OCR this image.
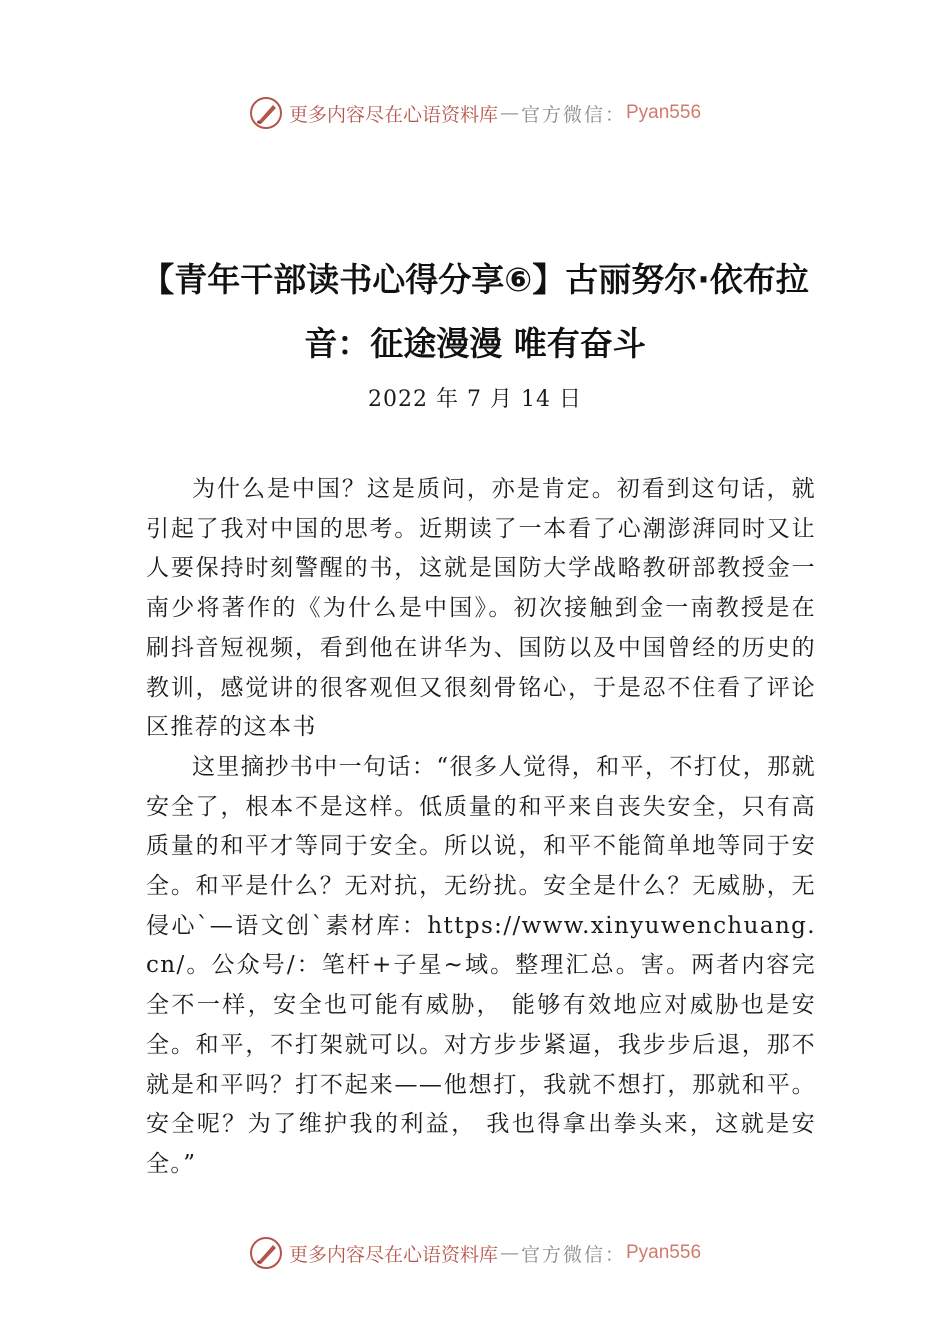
更多内容尽在心语资料库 — 官方微信： Pyan556
【青年干部读书心得分享⑥】古丽努尔·依布拉音：征途漫漫 唯有奋斗
2022 年 7 月 14 日

为什么是中国？这是质问，亦是肯定。初看到这句话，就引起了我对中国的思考。近期读了一本看了心潮澎湃同时又让人要保持时刻警醒的书，这就是国防大学战略教研部教授金一南少将著作的《为什么是中国》。初次接触到金一南教授是在刷抖音短视频，看到他在讲华为、国防以及中国曾经的历史的教训，感觉讲的很客观但又很刻骨铭心，于是忍不住看了评论区推荐的这本书

这里摘抄书中一句话：“很多人觉得，和平，不打仗，那就安全了，根本不是这样。低质量的和平来自丧失安全，只有高质量的和平才等同于安全。所以说，和平不能简单地等同于安全。和平是什么？无对抗，无纷扰。安全是什么？无威胁，无侵心`—语文创`素材库：https://www.xinyuwenchuang.cn/。公众号/：笔杆+子星~域。整理汇总。害。两者内容完全不一样，安全也可能有威胁， 能够有效地应对威胁也是安全。和平，不打架就可以。对方步步紧逼，我步步后退，那不就是和平吗？打不起来——他想打，我就不想打，那就和平。安全呢？为了维护我的利益， 我也得拿出拳头来，这就是安全。”

更多内容尽在心语资料库 — 官方微信： Pyan556
